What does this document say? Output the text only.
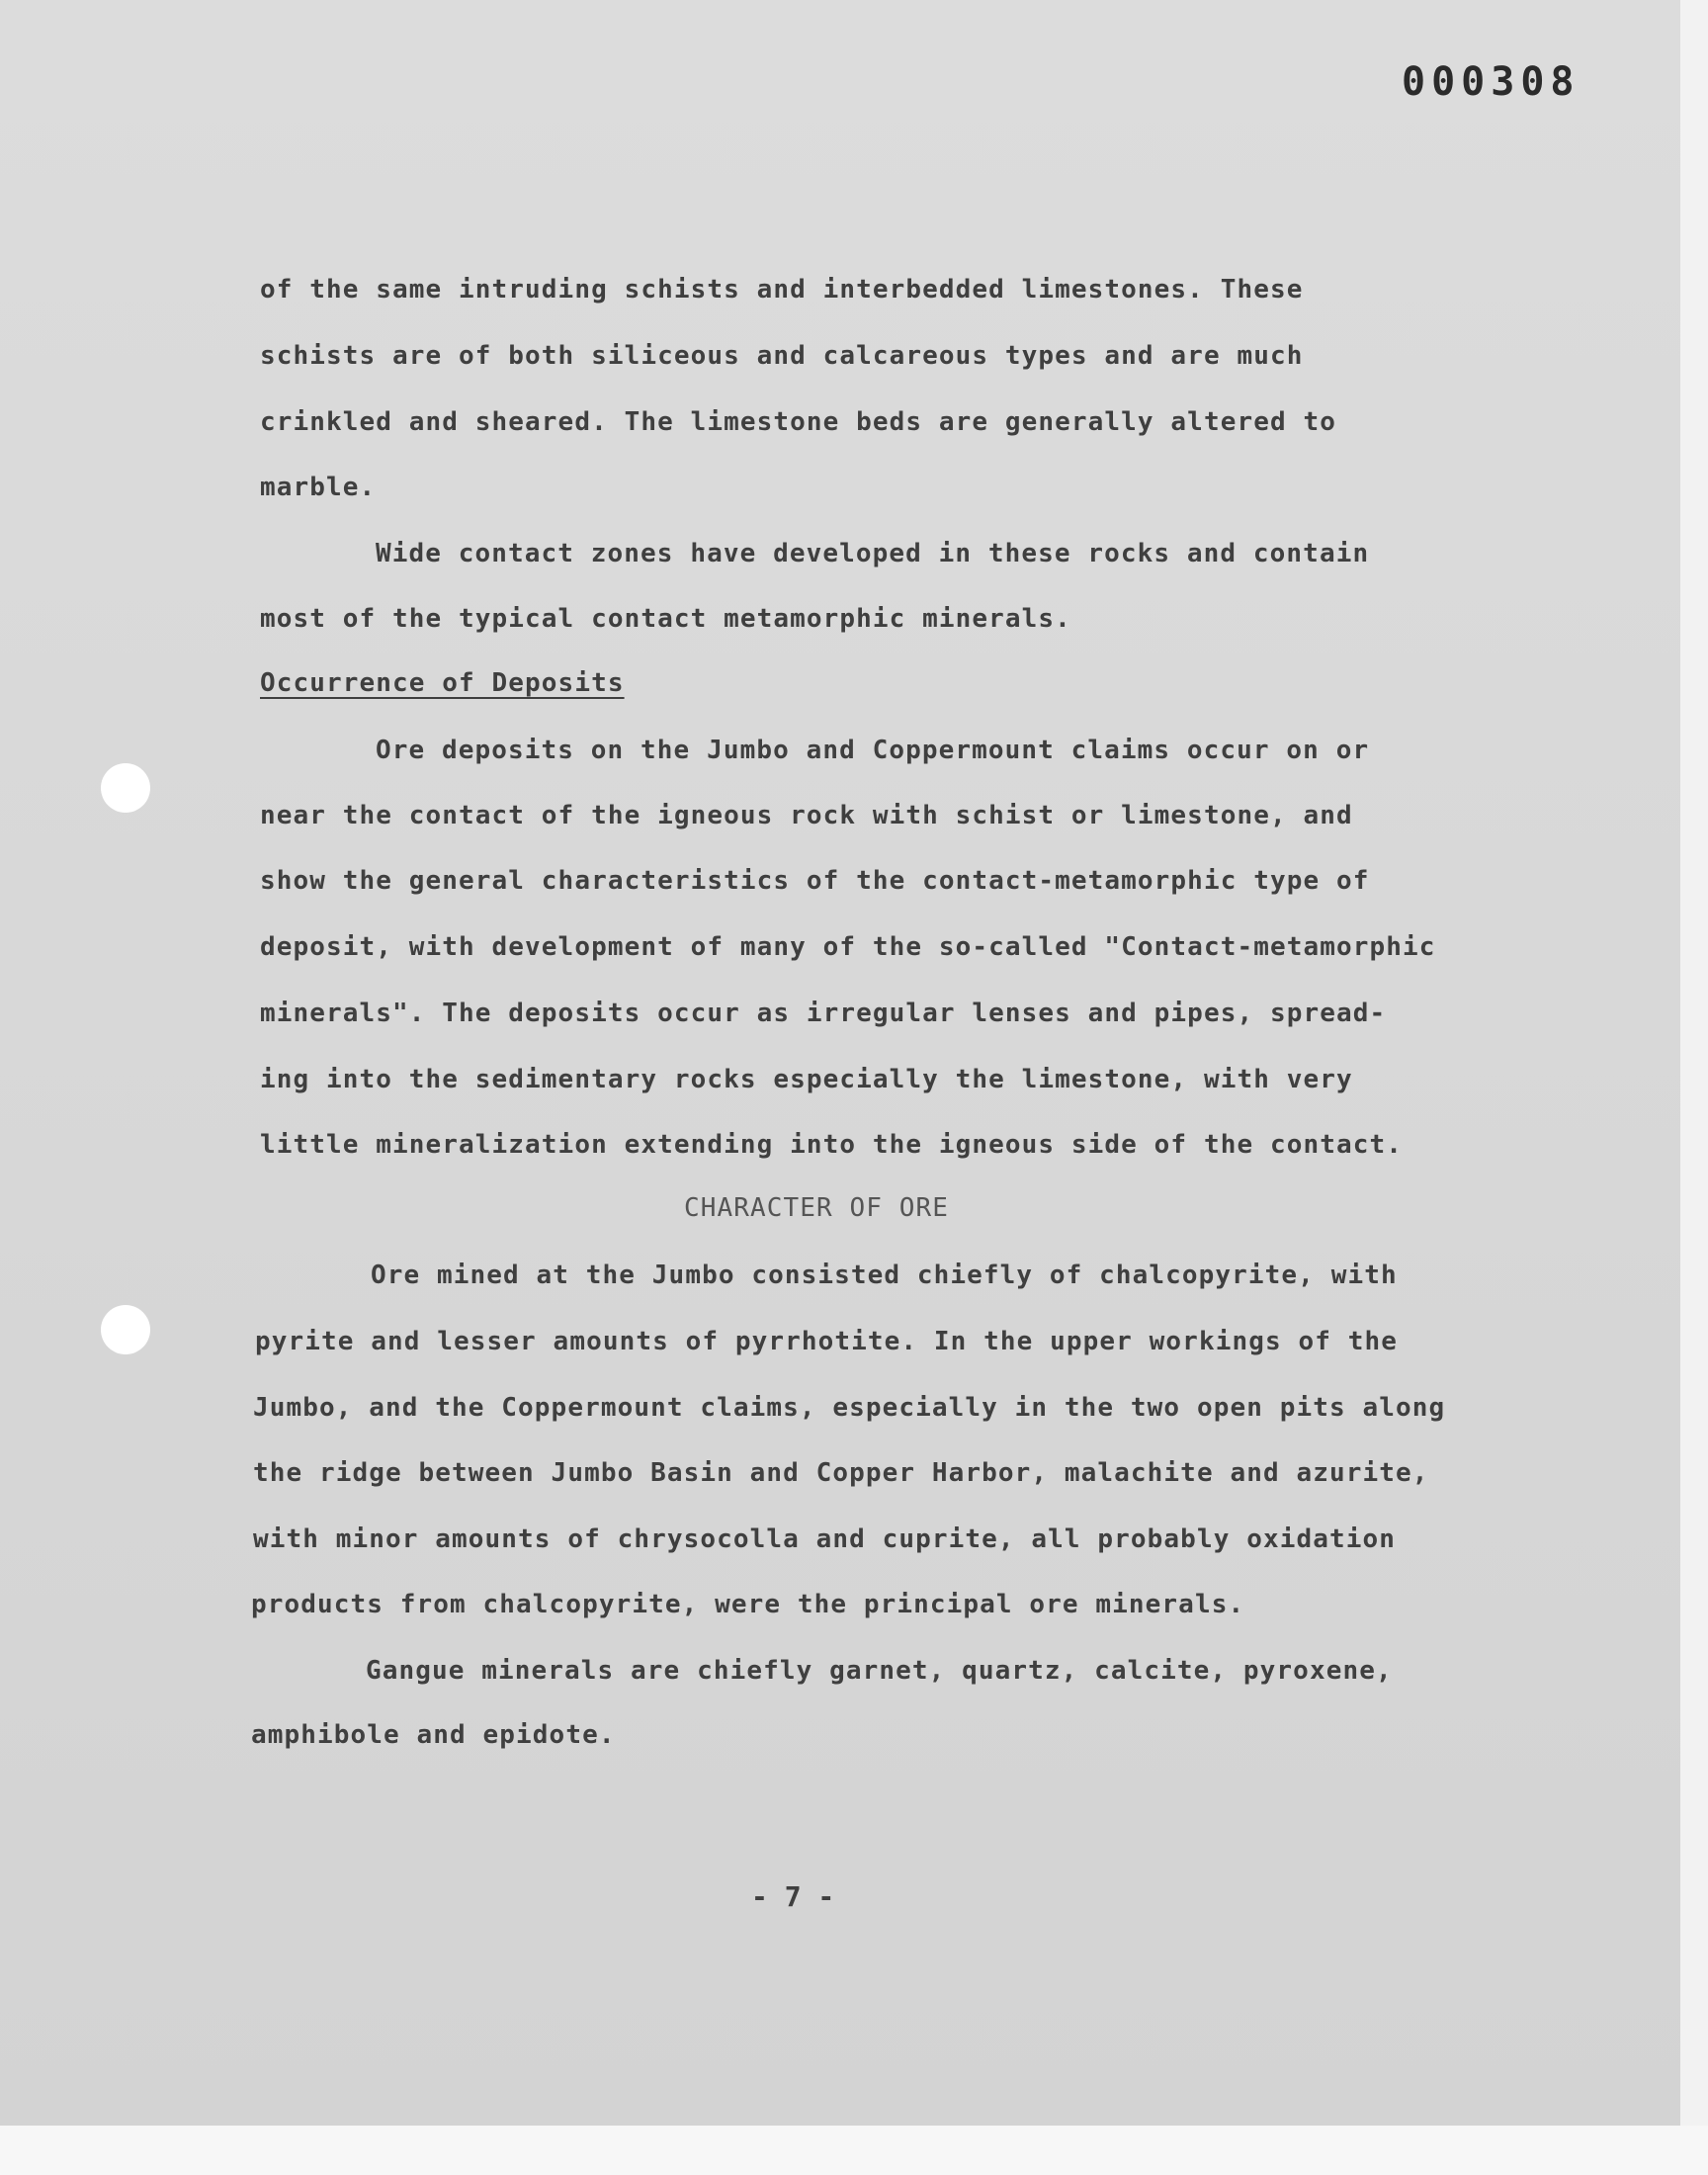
000308
of the same intruding schists and interbedded limestones. These
schists are of both siliceous and calcareous types and are much
crinkled and sheared. The limestone beds are generally altered to
marble.
Wide contact zones have developed in these rocks and contain
most of the typical contact metamorphic minerals.
Occurrence of Deposits
Ore deposits on the Jumbo and Coppermount claims occur on or
near the contact of the igneous rock with schist or limestone, and
show the general characteristics of the contact-metamorphic type of
deposit, with development of many of the so-called "Contact-metamorphic
minerals". The deposits occur as irregular lenses and pipes, spread-
ing into the sedimentary rocks especially the limestone, with very
little mineralization extending into the igneous side of the contact.
CHARACTER OF ORE
Ore mined at the Jumbo consisted chiefly of chalcopyrite, with
pyrite and lesser amounts of pyrrhotite. In the upper workings of the
Jumbo, and the Coppermount claims, especially in the two open pits along
the ridge between Jumbo Basin and Copper Harbor, malachite and azurite,
with minor amounts of chrysocolla and cuprite, all probably oxidation
products from chalcopyrite, were the principal ore minerals.
Gangue minerals are chiefly garnet, quartz, calcite, pyroxene,
amphibole and epidote.
- 7 -
